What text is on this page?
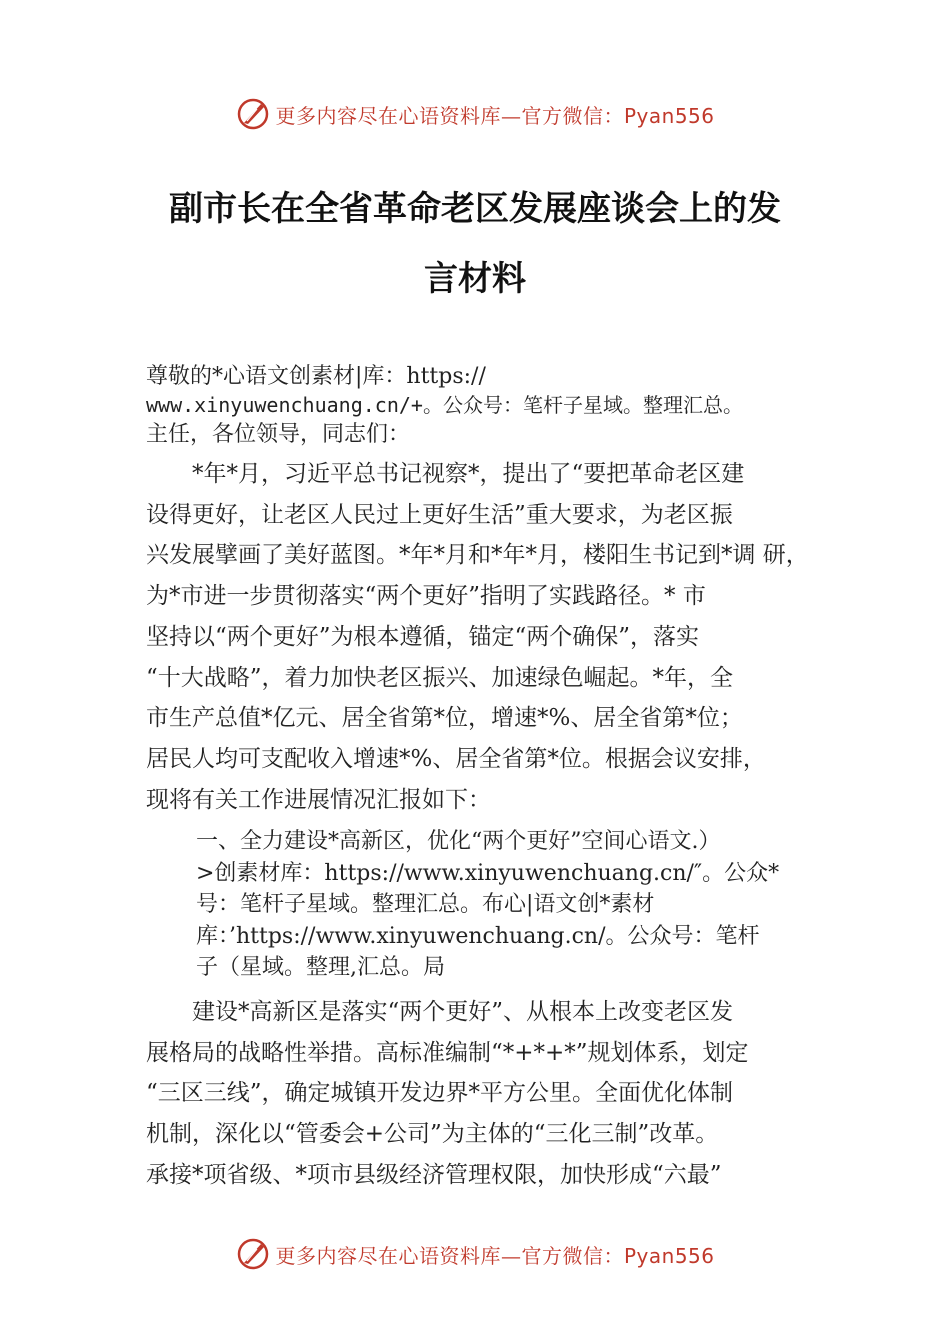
更多内容尽在心语资料库—官方微信：Pyan556
副市长在全省革命老区发展座谈会上的发
言材料
尊敬的*心语文创素材|库：https://
www.xinyuwenchuang.cn/+。公众号：笔杆子星域。整理汇总。
主任，各位领导，同志们：
　　*年*月，习近平总书记视察*，提出了“要把革命老区建
设得更好，让老区人民过上更好生活”重大要求，为老区振
兴发展擘画了美好蓝图。*年*月和*年*月，楼阳生书记到*调 研，
为*市进一步贯彻落实“两个更好”指明了实践路径。* 市
坚持以“两个更好”为根本遵循，锚定“两个确保”，落实
“十大战略”，着力加快老区振兴、加速绿色崛起。*年，全
市生产总值*亿元、居全省第*位，增速*%、居全省第*位；
居民人均可支配收入增速*%、居全省第*位。根据会议安排，
现将有关工作进展情况汇报如下：
一、全力建设*高新区，优化“两个更好”空间心语文.）
>创素材库：https://www.xinyuwenchuang.cn/″。公众*
号：笔杆子星域。整理汇总。布心|语文创*素材
库：’https://www.xinyuwenchuang.cn/。公众号：笔杆
子（星域。整理,汇总。局
　　建设*高新区是落实“两个更好”、从根本上改变老区发
展格局的战略性举措。高标准编制“*+*+*”规划体系，划定
“三区三线”，确定城镇开发边界*平方公里。全面优化体制
机制，深化以“管委会+公司”为主体的“三化三制”改革。
承接*项省级、*项市县级经济管理权限，加快形成“六最”
更多内容尽在心语资料库—官方微信：Pyan556
